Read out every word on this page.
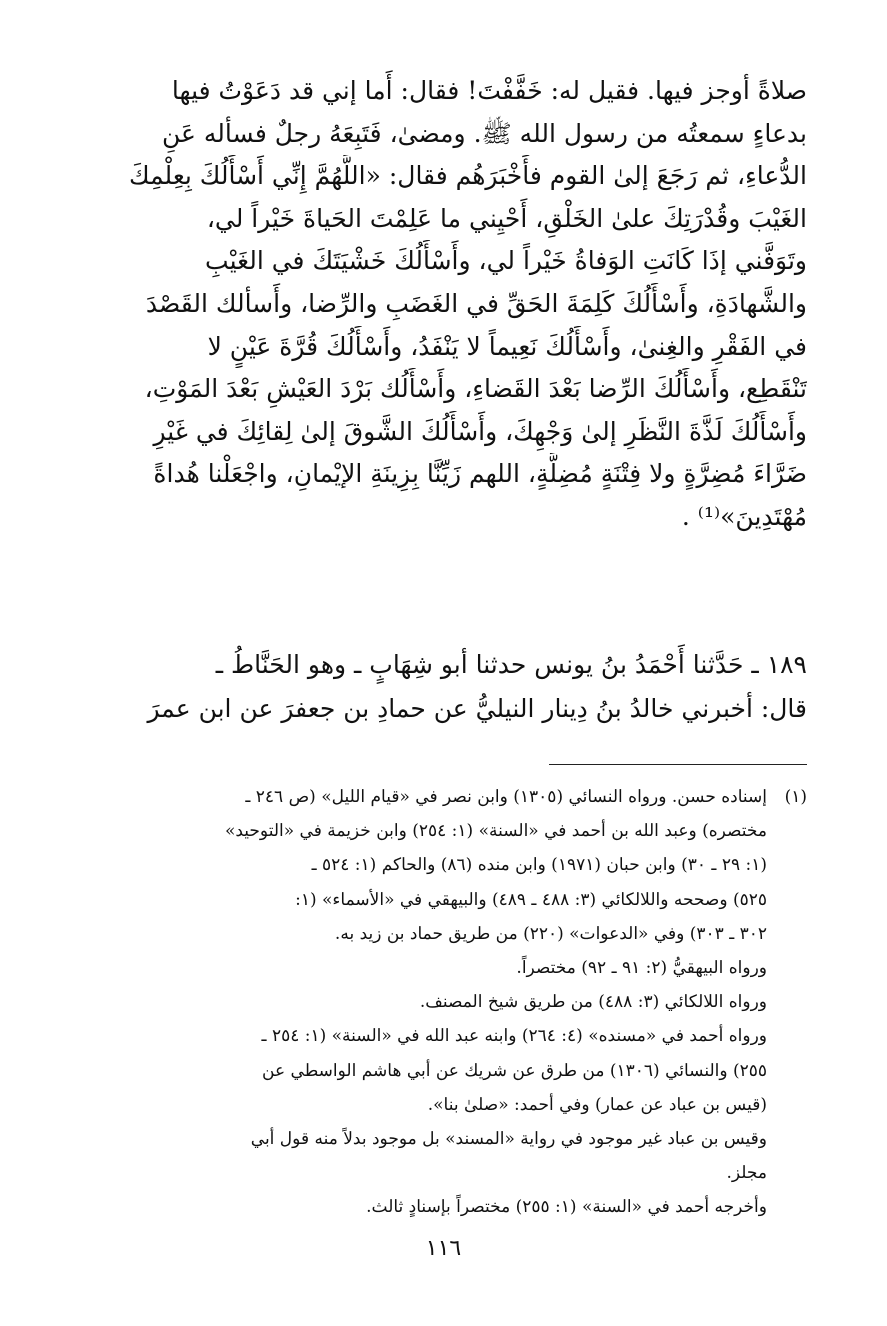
صلاةً أوجز فيها. فقيل له: خَفَّفْتَ! فقال: أَما إني قد دَعَوْتُ فيها
بدعاءٍ سمعتُه من رسول الله ﷺ. ومضىٰ، فَتَبِعَهُ رجلٌ فسأله عَنِ
الدُّعاءِ، ثم رَجَعَ إلىٰ القوم فأَخْبَرَهُم فقال: «اللَّهُمَّ إِنِّي أَسْأَلُكَ بِعِلْمِكَ
الغَيْبَ وقُدْرَتِكَ علىٰ الخَلْقِ، أَحْيِني ما عَلِمْتَ الحَياةَ خَيْراً لي،
وتَوَفَّني إذَا كَانَتِ الوَفاةُ خَيْراً لي، وأَسْأَلُكَ خَشْيَتَكَ في الغَيْبِ
والشَّهادَةِ، وأَسْأَلُكَ كَلِمَةَ الحَقِّ في الغَضَبِ والرِّضا، وأَسألك القَصْدَ
في الفَقْرِ والغِنىٰ، وأَسْأَلُكَ نَعِيماً لا يَنْفَدُ، وأَسْأَلُكَ قُرَّةَ عَيْنٍ لا
تَنْقَطِع، وأَسْأَلُكَ الرِّضا بَعْدَ القَضاءِ، وأَسْأَلُك بَرْدَ العَيْشِ بَعْدَ المَوْتِ،
وأَسْأَلُكَ لَذَّةَ النَّظَرِ إلىٰ وَجْهِكَ، وأَسْأَلُكَ الشَّوقَ إلىٰ لِقائِكَ في غَيْرِ
ضَرَّاءَ مُضِرَّةٍ ولا فِتْنَةٍ مُضِلَّةٍ، اللهم زَيِّنَّا بِزِينَةِ الإيْمانِ، واجْعَلْنا هُداةً
مُهْتَدِينَ»⁽¹⁾ .
١٨٩ ـ حَدَّثنا أَحْمَدُ بنُ يونس حدثنا أبو شِهَابٍ ـ وهو الحَنَّاطُ ـ
قال: أخبرني خالدُ بنُ دِينار النيليُّ عن حمادِ بن جعفرَ عن ابن عمرَ
(١)
إسناده حسن. ورواه النسائي (١٣٠٥) وابن نصر في «قيام الليل» (ص ٢٤٦ ـ
مختصره) وعبد الله بن أحمد في «السنة» (١: ٢٥٤) وابن خزيمة في «التوحيد»
(١: ٢٩ ـ ٣٠) وابن حبان (١٩٧١) وابن منده (٨٦) والحاكم (١: ٥٢٤ ـ
٥٢٥) وصححه واللالكائي (٣: ٤٨٨ ـ ٤٨٩) والبيهقي في «الأسماء» (١:
٣٠٢ ـ ٣٠٣) وفي «الدعوات» (٢٢٠) من طريق حماد بن زيد به.
ورواه البيهقيُّ (٢: ٩١ ـ ٩٢) مختصراً.
ورواه اللالكائي (٣: ٤٨٨) من طريق شيخ المصنف.
ورواه أحمد في «مسنده» (٤: ٢٦٤) وابنه عبد الله في «السنة» (١: ٢٥٤ ـ
٢٥٥) والنسائي (١٣٠٦) من طرق عن شريك عن أبي هاشم الواسطي عن
(قيس بن عباد عن عمار) وفي أحمد: «صلىٰ بنا».
وقيس بن عباد غير موجود في رواية «المسند» بل موجود بدلاً منه قول أبي
مجلز.
وأخرجه أحمد في «السنة» (١: ٢٥٥) مختصراً بإسنادٍ ثالث.
١١٦
